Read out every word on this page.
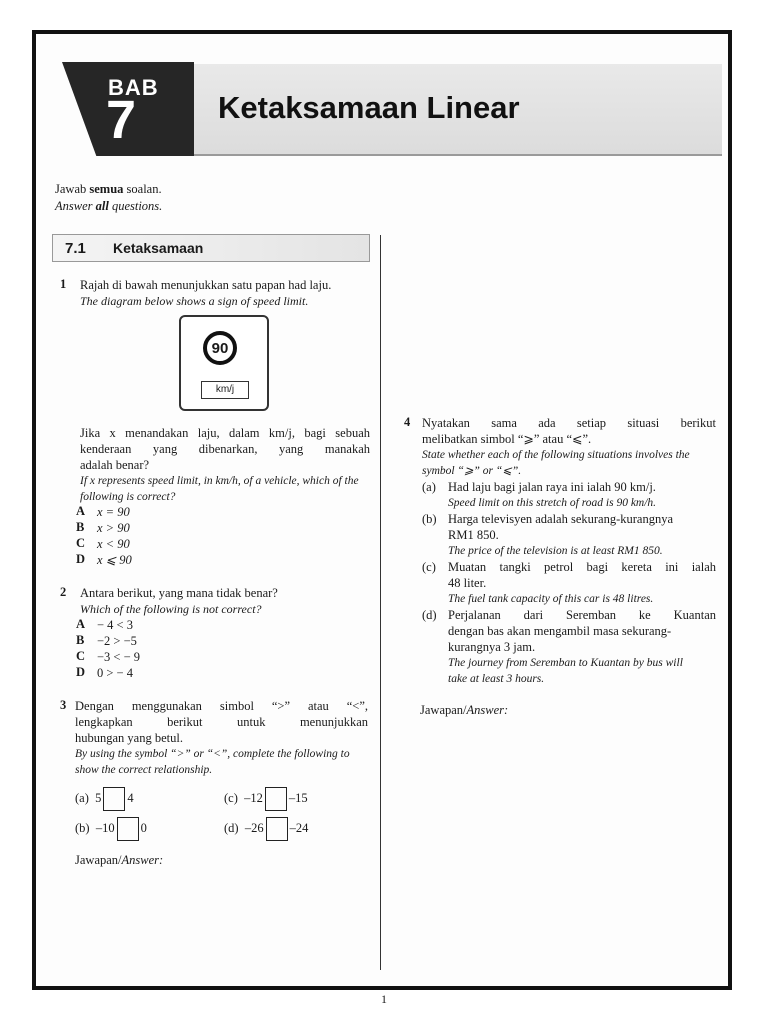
BAB
7	Ketaksamaan Linear
Jawab semua soalan.
Answer all questions.
7.1 Ketaksamaan
1 Rajah di bawah menunjukkan satu papan had laju.
The diagram below shows a sign of speed limit.
90
km/j
Jika x menandakan laju, dalam km/j, bagi sebuah
kenderaan yang dibenarkan, yang manakah
adalah benar?
If x represents speed limit, in km/h, of a vehicle, which of the
following is correct?
A x = 90
B x > 90
C x < 90
D x ⩽ 90
2 Antara berikut, yang mana tidak benar?
Which of the following is not correct?
A − 4 < 3
B −2 > −5
C −3 < − 9
D 0 > − 4
3 Dengan menggunakan simbol “>” atau “<”,
lengkapkan berikut untuk menunjukkan
hubungan yang betul.
By using the symbol “>” or “<”, complete the following to
show the correct relationship.
(a) 5 4	(c) –12 –15
(b) –10 0	(d) –26 –24
Jawapan/Answer:
4 Nyatakan sama ada setiap situasi berikut
melibatkan simbol “⩾” atau “⩽”.
State whether each of the following situations involves the
symbol “⩾” or “⩽”.
(a) Had laju bagi jalan raya ini ialah 90 km/j.
Speed limit on this stretch of road is 90 km/h.
(b) Harga televisyen adalah sekurang-kurangnya
RM1 850.
The price of the television is at least RM1 850.
(c) Muatan tangki petrol bagi kereta ini ialah
48 liter.
The fuel tank capacity of this car is 48 litres.
(d) Perjalanan dari Seremban ke Kuantan
dengan bas akan mengambil masa sekurang-
kurangnya 3 jam.
The journey from Seremban to Kuantan by bus will
take at least 3 hours.
Jawapan/Answer:
1
